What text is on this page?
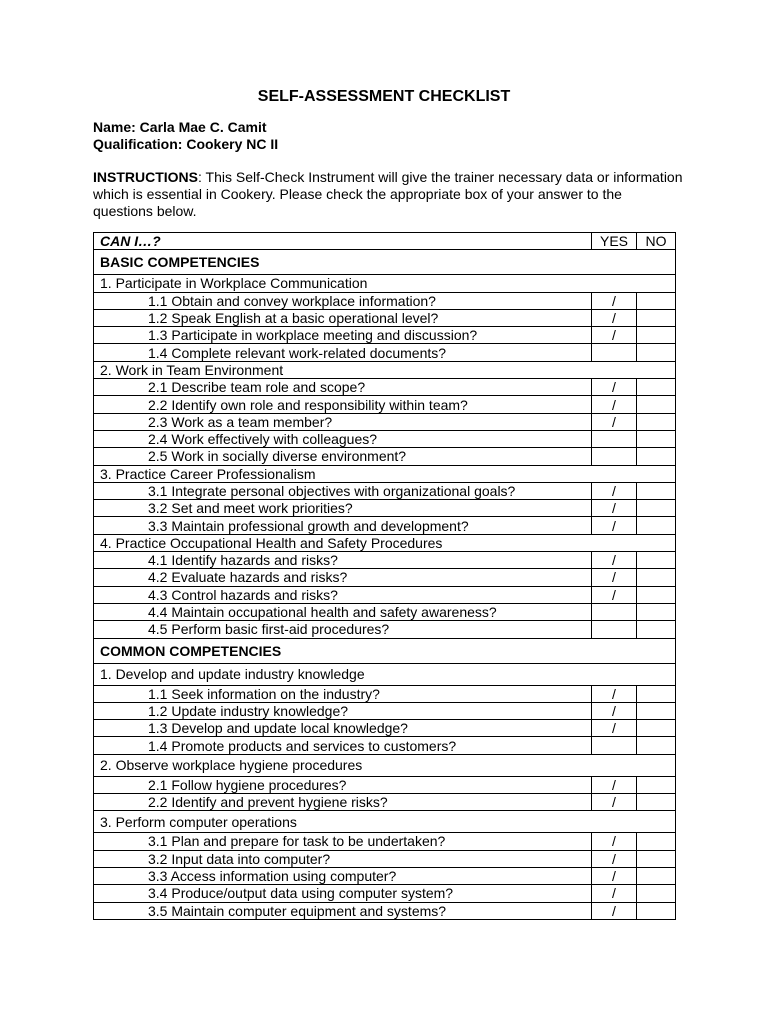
SELF-ASSESSMENT CHECKLIST
Name: Carla Mae C. Camit
Qualification: Cookery NC II
INSTRUCTIONS: This Self-Check Instrument will give the trainer necessary data or information which is essential in Cookery. Please check the appropriate box of your answer to the questions below.
CAN I…?	YES	NO
BASIC COMPETENCIES		
1. Participate in Workplace Communication		
1.1 Obtain and convey workplace information?	/	
1.2 Speak English at a basic operational level?	/	
1.3 Participate in workplace meeting and discussion?	/	
1.4 Complete relevant work-related documents?		
2. Work in Team Environment		
2.1 Describe team role and scope?	/	
2.2 Identify own role and responsibility within team?	/	
2.3 Work as a team member?	/	
2.4 Work effectively with colleagues?		
2.5 Work in socially diverse environment?		
3. Practice Career Professionalism		
3.1 Integrate personal objectives with organizational goals?	/	
3.2 Set and meet work priorities?	/	
3.3 Maintain professional growth and development?	/	
4. Practice Occupational Health and Safety Procedures		
4.1 Identify hazards and risks?	/	
4.2 Evaluate hazards and risks?	/	
4.3 Control hazards and risks?	/	
4.4 Maintain occupational health and safety awareness?		
4.5 Perform basic first-aid procedures?		
COMMON COMPETENCIES		
1. Develop and update industry knowledge		
1.1 Seek information on the industry?	/	
1.2 Update industry knowledge?	/	
1.3 Develop and update local knowledge?	/	
1.4 Promote products and services to customers?		
2. Observe workplace hygiene procedures		
2.1 Follow hygiene procedures?	/	
2.2 Identify and prevent hygiene risks?	/	
3. Perform computer operations		
3.1 Plan and prepare for task to be undertaken?	/	
3.2 Input data into computer?	/	
3.3 Access information using computer?	/	
3.4 Produce/output data using computer system?	/	
3.5 Maintain computer equipment and systems?	/	
